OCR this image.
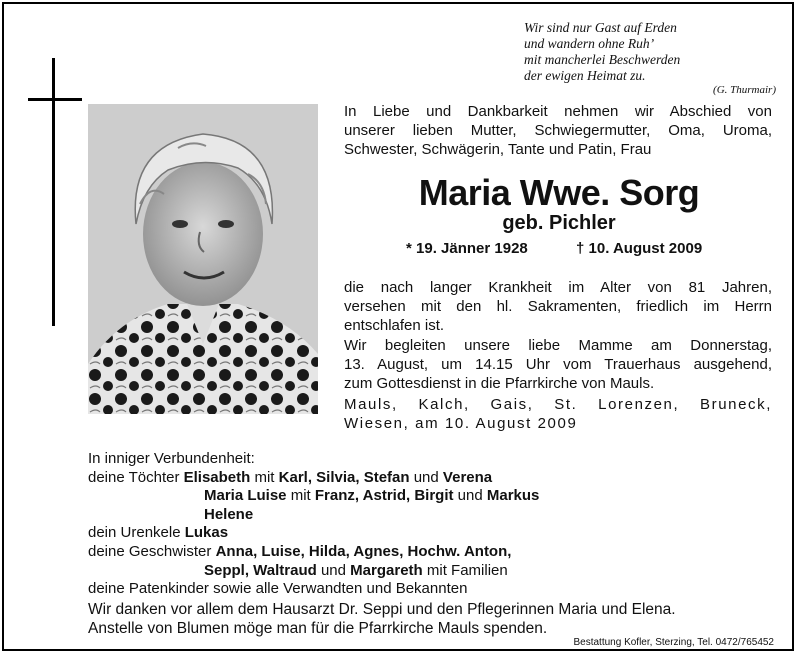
Wir sind nur Gast auf Erden
und wandern ohne Ruh’
mit mancherlei Beschwerden
der ewigen Heimat zu.
(G. Thurmair)
In Liebe und Dankbarkeit nehmen wir Abschied von
unserer lieben Mutter, Schwiegermutter, Oma, Uroma,
Schwester, Schwägerin, Tante und Patin, Frau
Maria Wwe. Sorg
geb. Pichler
* 19. Jänner 1928	† 10. August 2009
die nach langer Krankheit im Alter von 81 Jahren,
versehen mit den hl. Sakramenten, friedlich im Herrn
entschlafen ist.
Wir begleiten unsere liebe Mamme am Donnerstag,
13. August, um 14.15 Uhr vom Trauerhaus ausgehend,
zum Gottesdienst in die Pfarrkirche von Mauls.
Mauls, Kalch, Gais, St. Lorenzen, Bruneck,
Wiesen, am 10. August 2009
In inniger Verbundenheit:
deine Töchter Elisabeth mit Karl, Silvia, Stefan und Verena
Maria Luise mit Franz, Astrid, Birgit und Markus
Helene
dein Urenkele Lukas
deine Geschwister Anna, Luise, Hilda, Agnes, Hochw. Anton,
Seppl, Waltraud und Margareth mit Familien
deine Patenkinder sowie alle Verwandten und Bekannten
Wir danken vor allem dem Hausarzt Dr. Seppi und den Pflegerinnen Maria und Elena.
Anstelle von Blumen möge man für die Pfarrkirche Mauls spenden.
Bestattung Kofler, Sterzing, Tel. 0472/765452
